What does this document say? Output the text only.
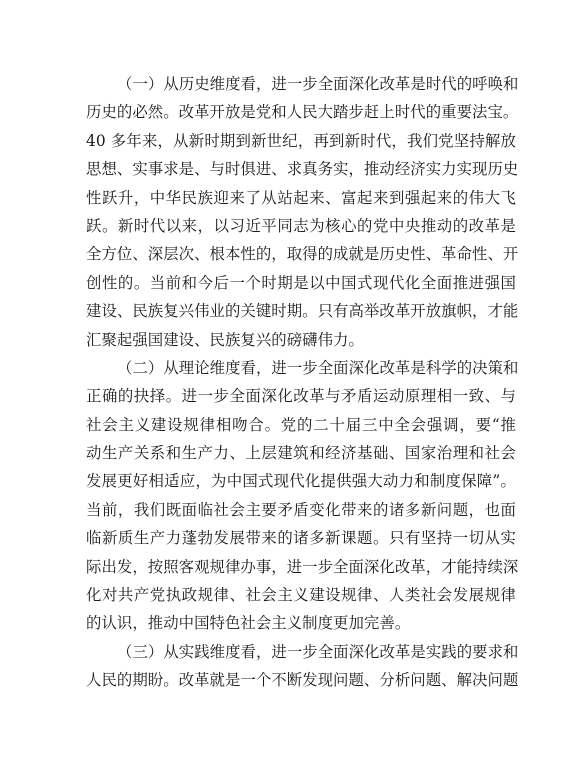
（一）从历史维度看，进一步全面深化改革是时代的呼唤和
历史的必然。改革开放是党和人民大踏步赶上时代的重要法宝。
40 多年来，从新时期到新世纪，再到新时代，我们党坚持解放
思想、实事求是、与时俱进、求真务实，推动经济实力实现历史
性跃升，中华民族迎来了从站起来、富起来到强起来的伟大飞
跃。新时代以来，以习近平同志为核心的党中央推动的改革是
全方位、深层次、根本性的，取得的成就是历史性、革命性、开
创性的。当前和今后一个时期是以中国式现代化全面推进强国
建设、民族复兴伟业的关键时期。只有高举改革开放旗帜，才能
汇聚起强国建设、民族复兴的磅礴伟力。
（二）从理论维度看，进一步全面深化改革是科学的决策和
正确的抉择。进一步全面深化改革与矛盾运动原理相一致、与
社会主义建设规律相吻合。党的二十届三中全会强调，要“推
动生产关系和生产力、上层建筑和经济基础、国家治理和社会
发展更好相适应，为中国式现代化提供强大动力和制度保障”。
当前，我们既面临社会主要矛盾变化带来的诸多新问题，也面
临新质生产力蓬勃发展带来的诸多新课题。只有坚持一切从实
际出发，按照客观规律办事，进一步全面深化改革，才能持续深
化对共产党执政规律、社会主义建设规律、人类社会发展规律
的认识，推动中国特色社会主义制度更加完善。
（三）从实践维度看，进一步全面深化改革是实践的要求和
人民的期盼。改革就是一个不断发现问题、分析问题、解决问题
